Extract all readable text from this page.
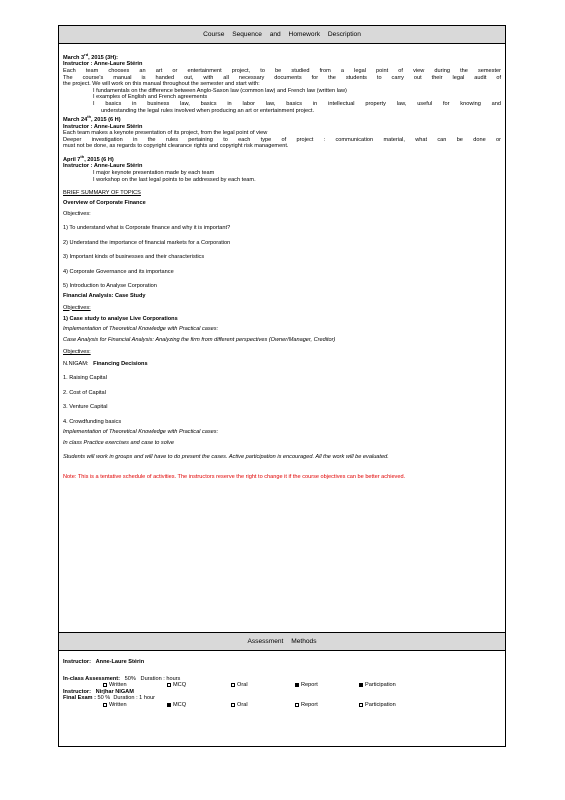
Course Sequence and Homework Description

March 3rd, 2015 (3H):

Instructor : Anne-Laure Stérin

Each team chooses an art or entertainment project, to be studied from a legal point of view during the semester

The course's manual is handed out, with all necessary documents for the students to carry out their legal audit of

the project. We will work on this manual throughout the semester and start with:

I fundamentals on the difference between Anglo-Saxon law (common law) and French law (written law)

I examples of English and French agreements

I basics in business law, basics in labor law, basics in intellectual property law, useful for knowing and

understanding the legal rules involved when producing an art or entertainment project.

March 24th, 2015 (6 H)

Instructor : Anne-Laure Stérin

Each team makes a keynote presentation of its project, from the legal point of view

Deeper investigation in the rules pertaining to each type of project : communication material, what can be done or

must not be done, as regards to copyright clearance rights and copyright risk management.

April 7th, 2015 (6 H)

Instructor : Anne-Laure Stérin

I major keynote presentation made by each team

I workshop on the last legal points to be addressed by each team.

BRIEF SUMMARY OF TOPICS

Overview of Corporate Finance

Objectives:

1) To understand what is Corporate finance and why it is important?

2) Understand the importance of financial markets for a Corporation

3) Important kinds of businesses and their characteristics

4) Corporate Governance and its importance

5) Introduction to Analyse Corporation

Financial Analysis: Case Study

Objectives:

1) Case study to analyse Live Corporations

Implementation of Theoretical Knowledge with Practical cases:

Case Analysis for Financial Analysis: Analyzing the firm from different perspectives (Owner/Manager, Creditor)

Objectives:

N.NIGAM: Financing Decisions

1. Raising Capital

2. Cost of Capital

3. Venture Capital

4. Crowdfunding basics

Implementation of Theoretical Knowledge with Practical cases:

In class Practice exercises and case to solve

Students will work in groups and will have to do present the cases. Active participation is encouraged. All the work will be evaluated.

Note: This is a tentative schedule of activities. The instructors reserve the right to change it if the course objectives can be better achieved.

Assessment Methods

Instructor: Anne-Laure Stérin

In-class Assessment: 50% Duration : hours

Written	MCQ	Oral	Report	Participation

Instructor: Nirjhar NIGAM

Final Exam : 50 % Duration : 1 hour

Written	MCQ	Oral	Report	Participation
